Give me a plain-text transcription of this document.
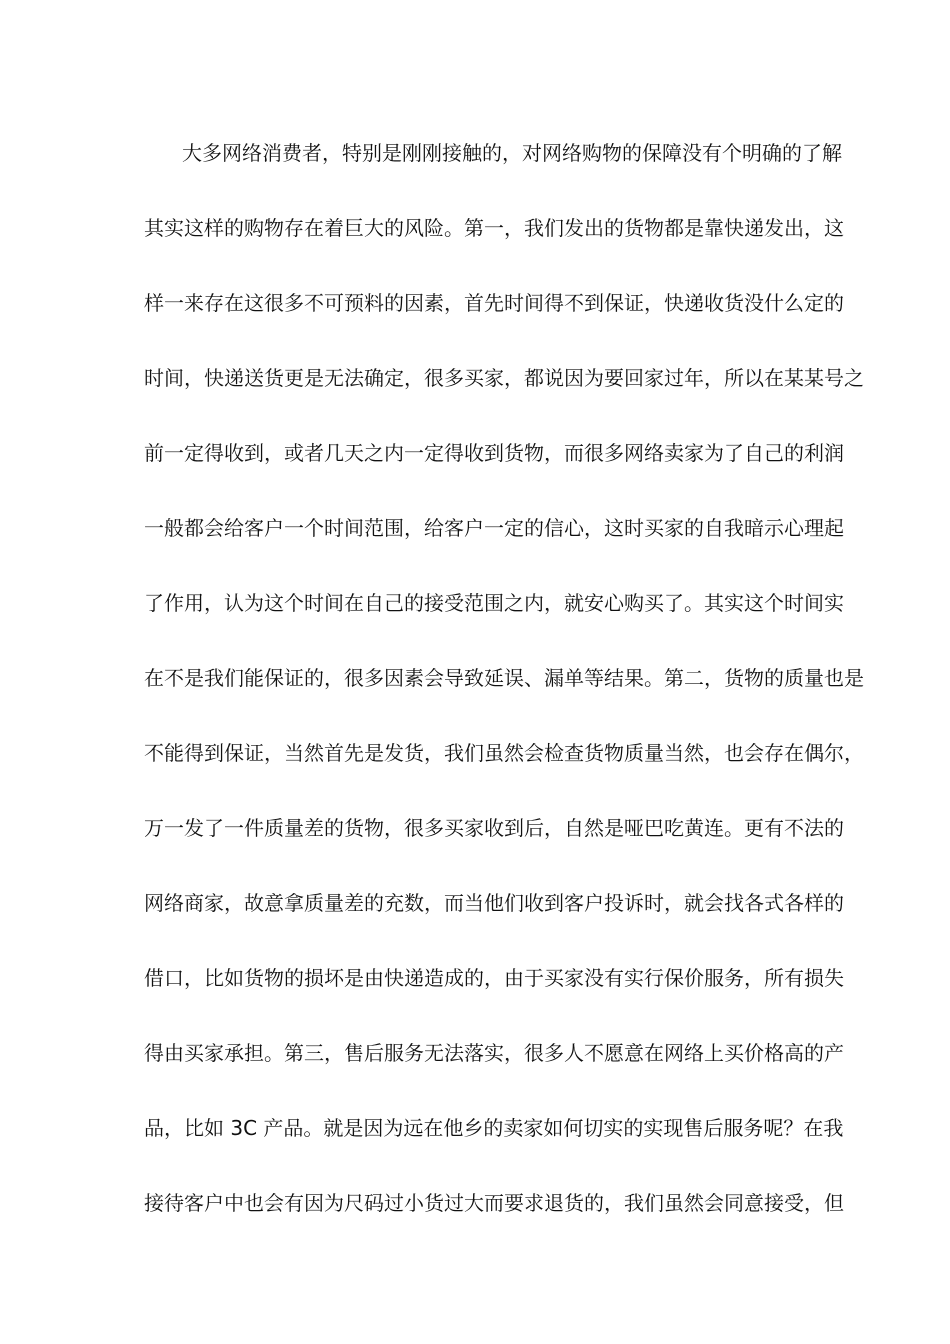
大多网络消费者，特别是刚刚接触的，对网络购物的保障没有个明确的了解
其实这样的购物存在着巨大的风险。第一，我们发出的货物都是靠快递发出，这
样一来存在这很多不可预料的因素，首先时间得不到保证，快递收货没什么定的
时间，快递送货更是无法确定，很多买家，都说因为要回家过年，所以在某某号之
前一定得收到，或者几天之内一定得收到货物，而很多网络卖家为了自己的利润
一般都会给客户一个时间范围，给客户一定的信心，这时买家的自我暗示心理起
了作用，认为这个时间在自己的接受范围之内，就安心购买了。其实这个时间实
在不是我们能保证的，很多因素会导致延误、漏单等结果。第二，货物的质量也是
不能得到保证，当然首先是发货，我们虽然会检查货物质量当然，也会存在偶尔，
万一发了一件质量差的货物，很多买家收到后，自然是哑巴吃黄连。更有不法的
网络商家，故意拿质量差的充数，而当他们收到客户投诉时，就会找各式各样的
借口，比如货物的损坏是由快递造成的，由于买家没有实行保价服务，所有损失
得由买家承担。第三，售后服务无法落实，很多人不愿意在网络上买价格高的产
品，比如 3C 产品。就是因为远在他乡的卖家如何切实的实现售后服务呢？在我
接待客户中也会有因为尺码过小货过大而要求退货的，我们虽然会同意接受，但
